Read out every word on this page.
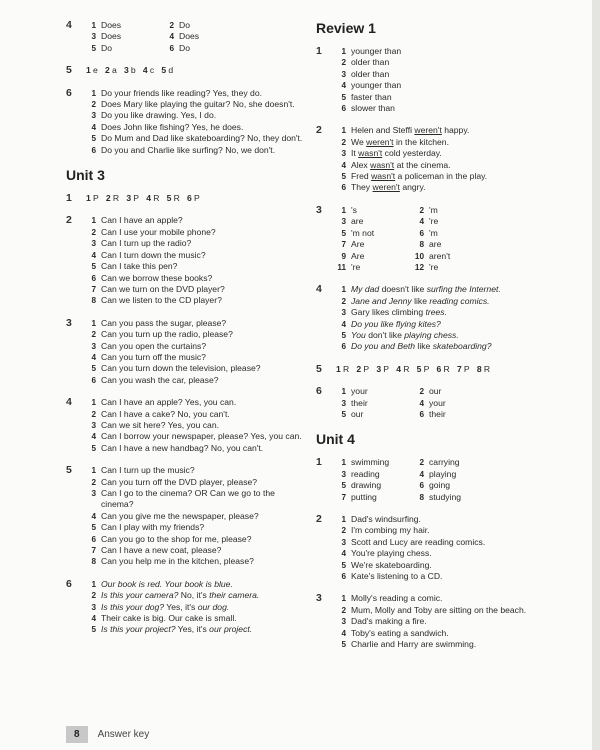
4	1 Does	2 Do
3 Does	4 Does
5 Do	6 Do
5	1 e 2 a 3 b 4 c 5 d
6	1 Do your friends like reading? Yes, they do.
2 Does Mary like playing the guitar? No, she doesn't.
3 Do you like drawing. Yes, I do.
4 Does John like fishing? Yes, he does.
5 Do Mum and Dad like skateboarding? No, they don't.
6 Do you and Charlie like surfing? No, we don't.
Unit 3
1	1 P 2 R 3 P 4 R 5 R 6 P
2	1 Can I have an apple?
2 Can I use your mobile phone?
3 Can I turn up the radio?
4 Can I turn down the music?
5 Can I take this pen?
6 Can we borrow these books?
7 Can we turn on the DVD player?
8 Can we listen to the CD player?
3	1 Can you pass the sugar, please?
2 Can you turn up the radio, please?
3 Can you open the curtains?
4 Can you turn off the music?
5 Can you turn down the television, please?
6 Can you wash the car, please?
4	1 Can I have an apple? Yes, you can.
2 Can I have a cake? No, you can't.
3 Can we sit here? Yes, you can.
4 Can I borrow your newspaper, please? Yes, you can.
5 Can I have a new handbag? No, you can't.
5	1 Can I turn up the music?
2 Can you turn off the DVD player, please?
3 Can I go to the cinema? OR Can we go to the cinema?
4 Can you give me the newspaper, please?
5 Can I play with my friends?
6 Can you go to the shop for me, please?
7 Can I have a new coat, please?
8 Can you help me in the kitchen, please?
6	1 Our book is red. Your book is blue.
2 Is this your camera? No, it's their camera.
3 Is this your dog? Yes, it's our dog.
4 Their cake is big. Our cake is small.
5 Is this your project? Yes, it's our project.
Review 1
1	1 younger than
2 older than
3 older than
4 younger than
5 faster than
6 slower than
2	1 Helen and Steffi weren't happy.
2 We weren't in the kitchen.
3 It wasn't cold yesterday.
4 Alex wasn't at the cinema.
5 Fred wasn't a policeman in the play.
6 They weren't angry.
3	1 's	2 'm
3 are	4 're
5 'm not	6 'm
7 Are	8 are
9 Are	10 aren't
11 're	12 're
4	1 My dad doesn't like surfing the Internet.
2 Jane and Jenny like reading comics.
3 Gary likes climbing trees.
4 Do you like flying kites?
5 You don't like playing chess.
6 Do you and Beth like skateboarding?
5	1 R 2 P 3 P 4 R 5 P 6 R 7 P 8 R
6	1 your	2 our
3 their	4 your
5 our	6 their
Unit 4
1	1 swimming	2 carrying
3 reading	4 playing
5 drawing	6 going
7 putting	8 studying
2	1 Dad's windsurfing.
2 I'm combing my hair.
3 Scott and Lucy are reading comics.
4 You're playing chess.
5 We're skateboarding.
6 Kate's listening to a CD.
3	1 Molly's reading a comic.
2 Mum, Molly and Toby are sitting on the beach.
3 Dad's making a fire.
4 Toby's eating a sandwich.
5 Charlie and Harry are swimming.
8	Answer key
